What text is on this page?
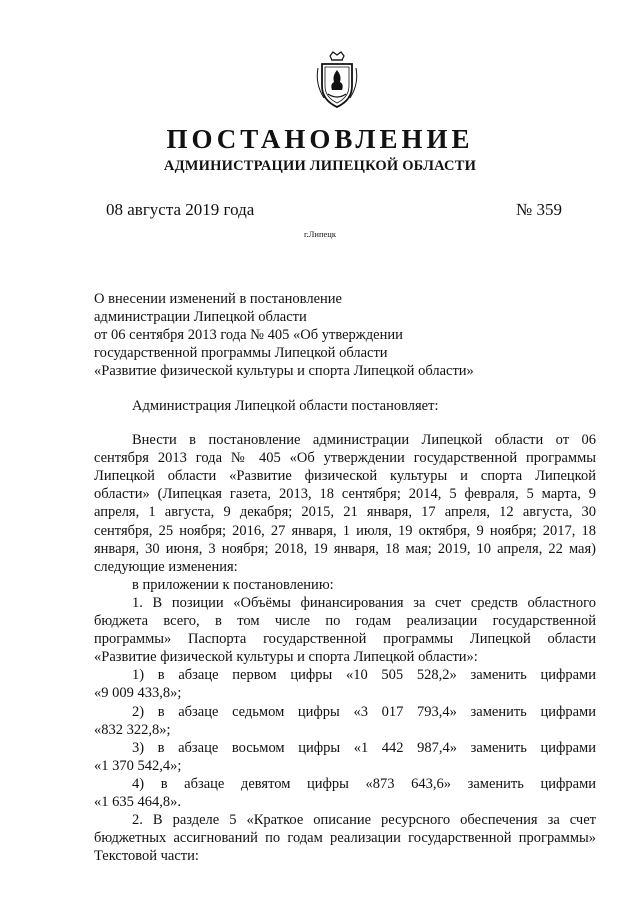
ПОСТАНОВЛЕНИЕ
АДМИНИСТРАЦИИ ЛИПЕЦКОЙ ОБЛАСТИ
08 августа 2019 года	№ 359
г.Липецк
О внесении изменений в постановление
администрации Липецкой области
от 06 сентября 2013 года № 405 «Об утверждении
государственной программы Липецкой области
«Развитие физической культуры и спорта Липецкой области»
Администрация Липецкой области постановляет:
Внести в постановление администрации Липецкой области от 06
сентября 2013 года № 405 «Об утверждении государственной программы
Липецкой области «Развитие физической культуры и спорта Липецкой
области» (Липецкая газета, 2013, 18 сентября; 2014, 5 февраля, 5 марта, 9
апреля, 1 августа, 9 декабря; 2015, 21 января, 17 апреля, 12 августа, 30
сентября, 25 ноября; 2016, 27 января, 1 июля, 19 октября, 9 ноября; 2017, 18
января, 30 июня, 3 ноября; 2018, 19 января, 18 мая; 2019, 10 апреля, 22 мая)
следующие изменения:
в приложении к постановлению:
1. В позиции «Объёмы финансирования за счет средств областного
бюджета всего, в том числе по годам реализации государственной
программы» Паспорта государственной программы Липецкой области
«Развитие физической культуры и спорта Липецкой области»:
1) в абзаце первом цифры «10 505 528,2» заменить цифрами
«9 009 433,8»;
2) в абзаце седьмом цифры «3 017 793,4» заменить цифрами
«832 322,8»;
3) в абзаце восьмом цифры «1 442 987,4» заменить цифрами
«1 370 542,4»;
4) в абзаце девятом цифры «873 643,6» заменить цифрами
«1 635 464,8».
2. В разделе 5 «Краткое описание ресурсного обеспечения за счет
бюджетных ассигнований по годам реализации государственной программы»
Текстовой части:
